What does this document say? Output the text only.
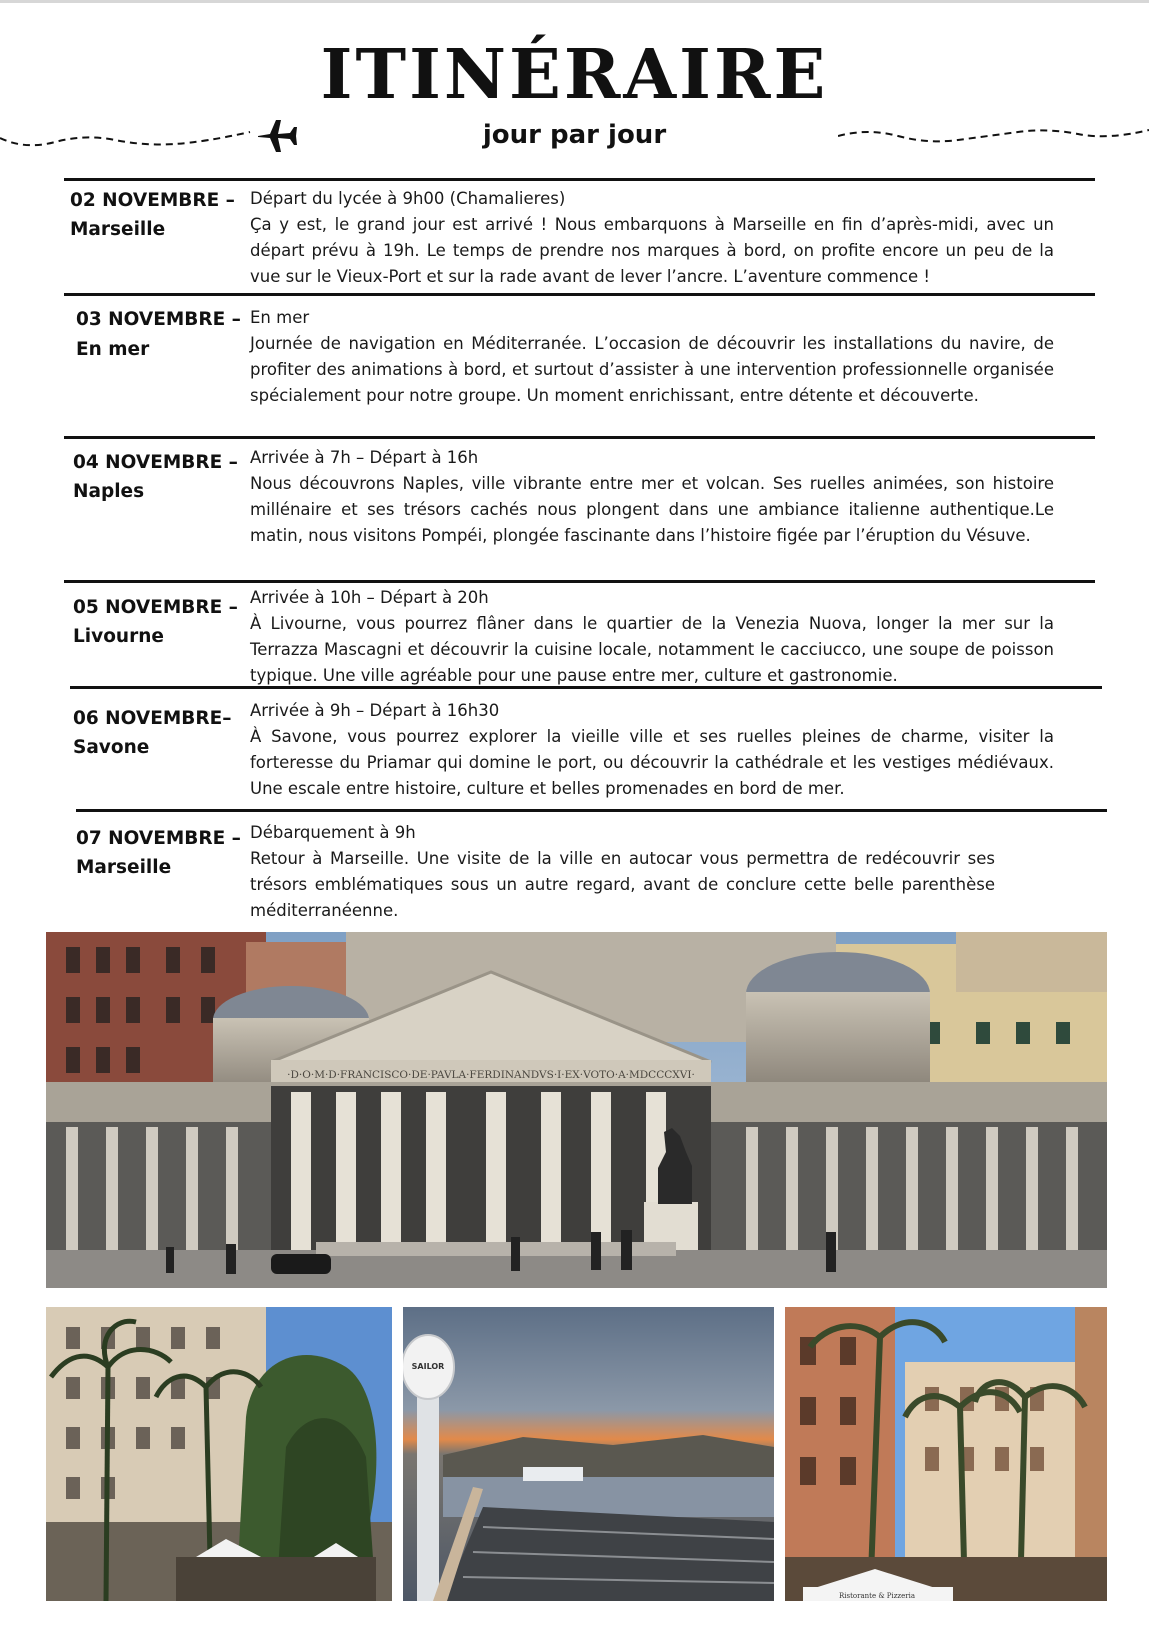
ITINÉRAIRE
jour par jour
02 NOVEMBRE –
Marseille

Départ du lycée à 9h00 (Chamalieres)

Ça y est, le grand jour est arrivé ! Nous embarquons à Marseille en fin d’après-midi, avec un départ prévu à 19h. Le temps de prendre nos marques à bord, on profite encore un peu de la vue sur le Vieux-Port et sur la rade avant de lever l’ancre. L’aventure commence !

03 NOVEMBRE –
En mer

En mer

Journée de navigation en Méditerranée. L’occasion de découvrir les installations du navire, de profiter des animations à bord, et surtout d’assister à une intervention professionnelle organisée spécialement pour notre groupe. Un moment enrichissant, entre détente et découverte.

04 NOVEMBRE –
Naples

Arrivée à 7h – Départ à 16h

Nous découvrons Naples, ville vibrante entre mer et volcan. Ses ruelles animées, son histoire millénaire et ses trésors cachés nous plongent dans une ambiance italienne authentique.Le matin, nous visitons Pompéi, plongée fascinante dans l’histoire figée par l’éruption du Vésuve.

05 NOVEMBRE –
Livourne

Arrivée à 10h – Départ à 20h

À Livourne, vous pourrez flâner dans le quartier de la Venezia Nuova, longer la mer sur la Terrazza Mascagni et découvrir la cuisine locale, notamment le cacciucco, une soupe de poisson typique. Une ville agréable pour une pause entre mer, culture et gastronomie.

06 NOVEMBRE–
Savone

Arrivée à 9h – Départ à 16h30

À Savone, vous pourrez explorer la vieille ville et ses ruelles pleines de charme, visiter la forteresse du Priamar qui domine le port, ou découvrir la cathédrale et les vestiges médiévaux. Une escale entre histoire, culture et belles promenades en bord de mer.

07 NOVEMBRE –
Marseille

Débarquement à 9h

Retour à Marseille. Une visite de la ville en autocar vous permettra de redécouvrir ses trésors emblématiques sous un autre regard, avant de conclure cette belle parenthèse méditerranéenne.

·D·O·M·D·FRANCISCO·DE·PAVLA·FERDINANDVS·I·EX·VOTO·A·MDCCCXVI·
SAILOR
Ristorante & Pizzeria
